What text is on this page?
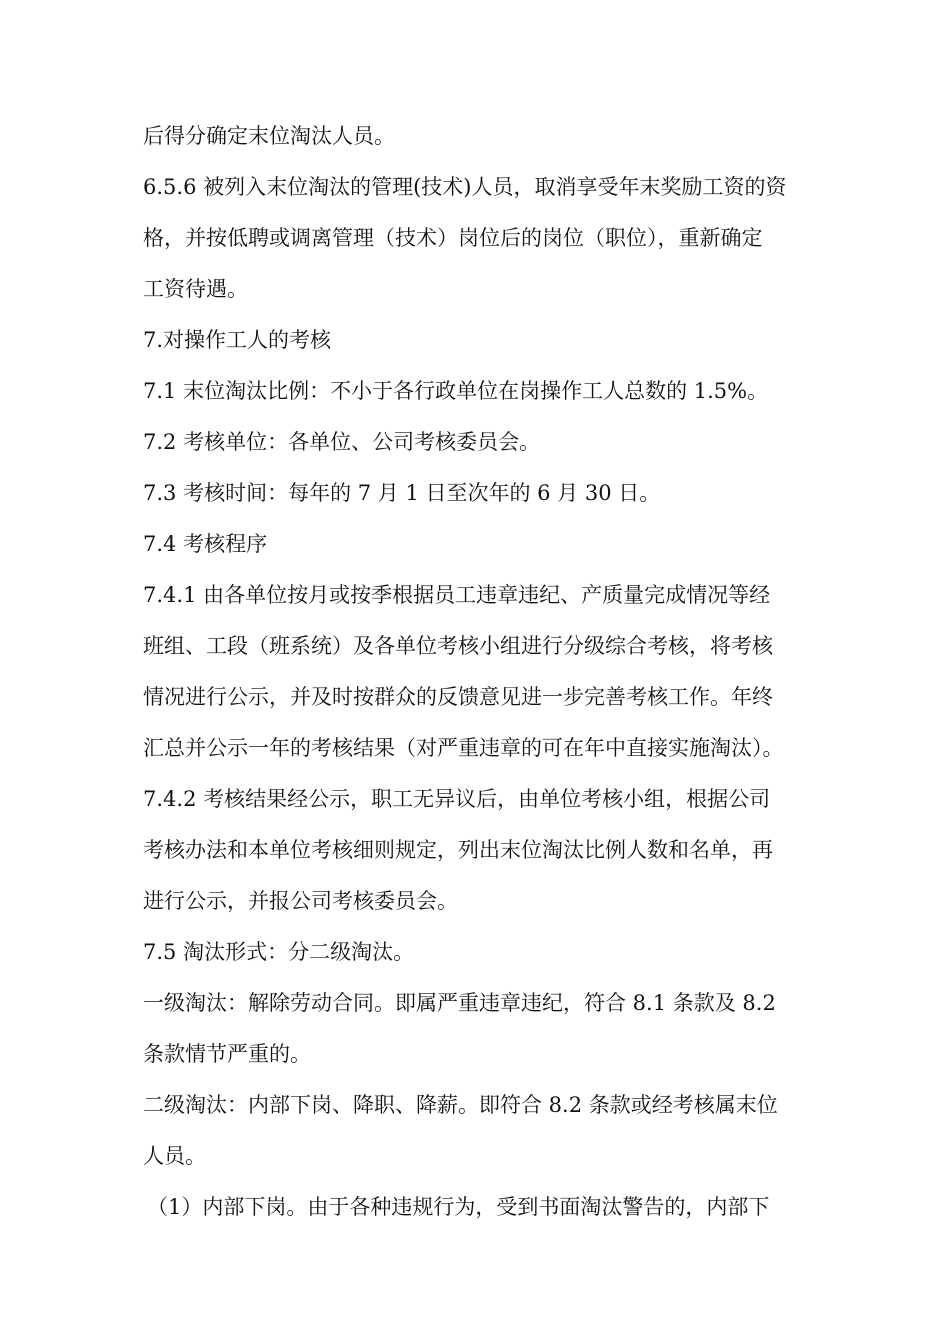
后得分确定末位淘汰人员。
6.5.6 被列入末位淘汰的管理(技术)人员，取消享受年末奖励工资的资
格，并按低聘或调离管理（技术）岗位后的岗位（职位），重新确定
工资待遇。
7.对操作工人的考核
7.1 末位淘汰比例：不小于各行政单位在岗操作工人总数的 1.5%。
7.2 考核单位：各单位、公司考核委员会。
7.3 考核时间：每年的 7 月 1 日至次年的 6 月 30 日。
7.4 考核程序
7.4.1 由各单位按月或按季根据员工违章违纪、产质量完成情况等经
班组、工段（班系统）及各单位考核小组进行分级综合考核，将考核
情况进行公示，并及时按群众的反馈意见进一步完善考核工作。年终
汇总并公示一年的考核结果（对严重违章的可在年中直接实施淘汰）。
7.4.2 考核结果经公示，职工无异议后，由单位考核小组，根据公司
考核办法和本单位考核细则规定，列出末位淘汰比例人数和名单，再
进行公示，并报公司考核委员会。
7.5 淘汰形式：分二级淘汰。
一级淘汰：解除劳动合同。即属严重违章违纪，符合 8.1 条款及 8.2
条款情节严重的。
二级淘汰：内部下岗、降职、降薪。即符合 8.2 条款或经考核属末位
人员。
（1）内部下岗。由于各种违规行为，受到书面淘汰警告的，内部下
